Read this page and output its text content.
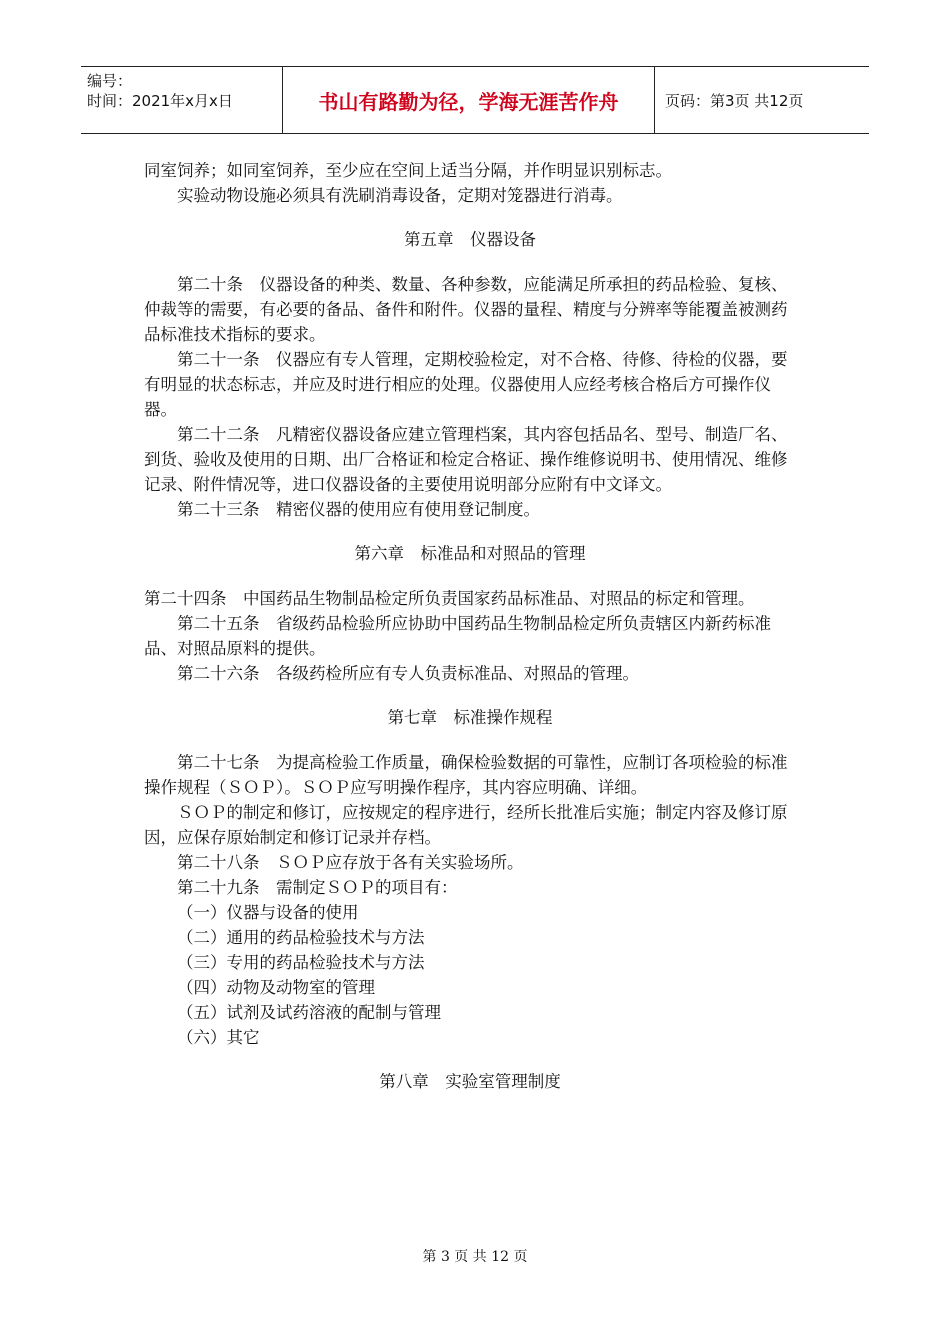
编号：
时间：2021年x月x日	书山有路勤为径，学海无涯苦作舟	页码：第3页 共12页

同室饲养；如同室饲养，至少应在空间上适当分隔，并作明显识别标志。

实验动物设施必须具有洗刷消毒设备，定期对笼器进行消毒。

第五章　仪器设备

第二十条　仪器设备的种类、数量、各种参数，应能满足所承担的药品检验、复核、仲裁等的需要，有必要的备品、备件和附件。仪器的量程、精度与分辨率等能覆盖被测药品标准技术指标的要求。

第二十一条　仪器应有专人管理，定期校验检定，对不合格、待修、待检的仪器，要有明显的状态标志，并应及时进行相应的处理。仪器使用人应经考核合格后方可操作仪器。

第二十二条　凡精密仪器设备应建立管理档案，其内容包括品名、型号、制造厂名、到货、验收及使用的日期、出厂合格证和检定合格证、操作维修说明书、使用情况、维修记录、附件情况等，进口仪器设备的主要使用说明部分应附有中文译文。

第二十三条　精密仪器的使用应有使用登记制度。

第六章　标准品和对照品的管理

第二十四条　中国药品生物制品检定所负责国家药品标准品、对照品的标定和管理。

第二十五条　省级药品检验所应协助中国药品生物制品检定所负责辖区内新药标准品、对照品原料的提供。

第二十六条　各级药检所应有专人负责标准品、对照品的管理。

第七章　标准操作规程

第二十七条　为提高检验工作质量，确保检验数据的可靠性，应制订各项检验的标准操作规程（ＳＯＰ）。ＳＯＰ应写明操作程序，其内容应明确、详细。

ＳＯＰ的制定和修订，应按规定的程序进行，经所长批准后实施；制定内容及修订原因，应保存原始制定和修订记录并存档。

第二十八条　ＳＯＰ应存放于各有关实验场所。

第二十九条　需制定ＳＯＰ的项目有：

（一）仪器与设备的使用

（二）通用的药品检验技术与方法

（三）专用的药品检验技术与方法

（四）动物及动物室的管理

（五）试剂及试药溶液的配制与管理

（六）其它

第八章　实验室管理制度

第 3 页 共 12 页
